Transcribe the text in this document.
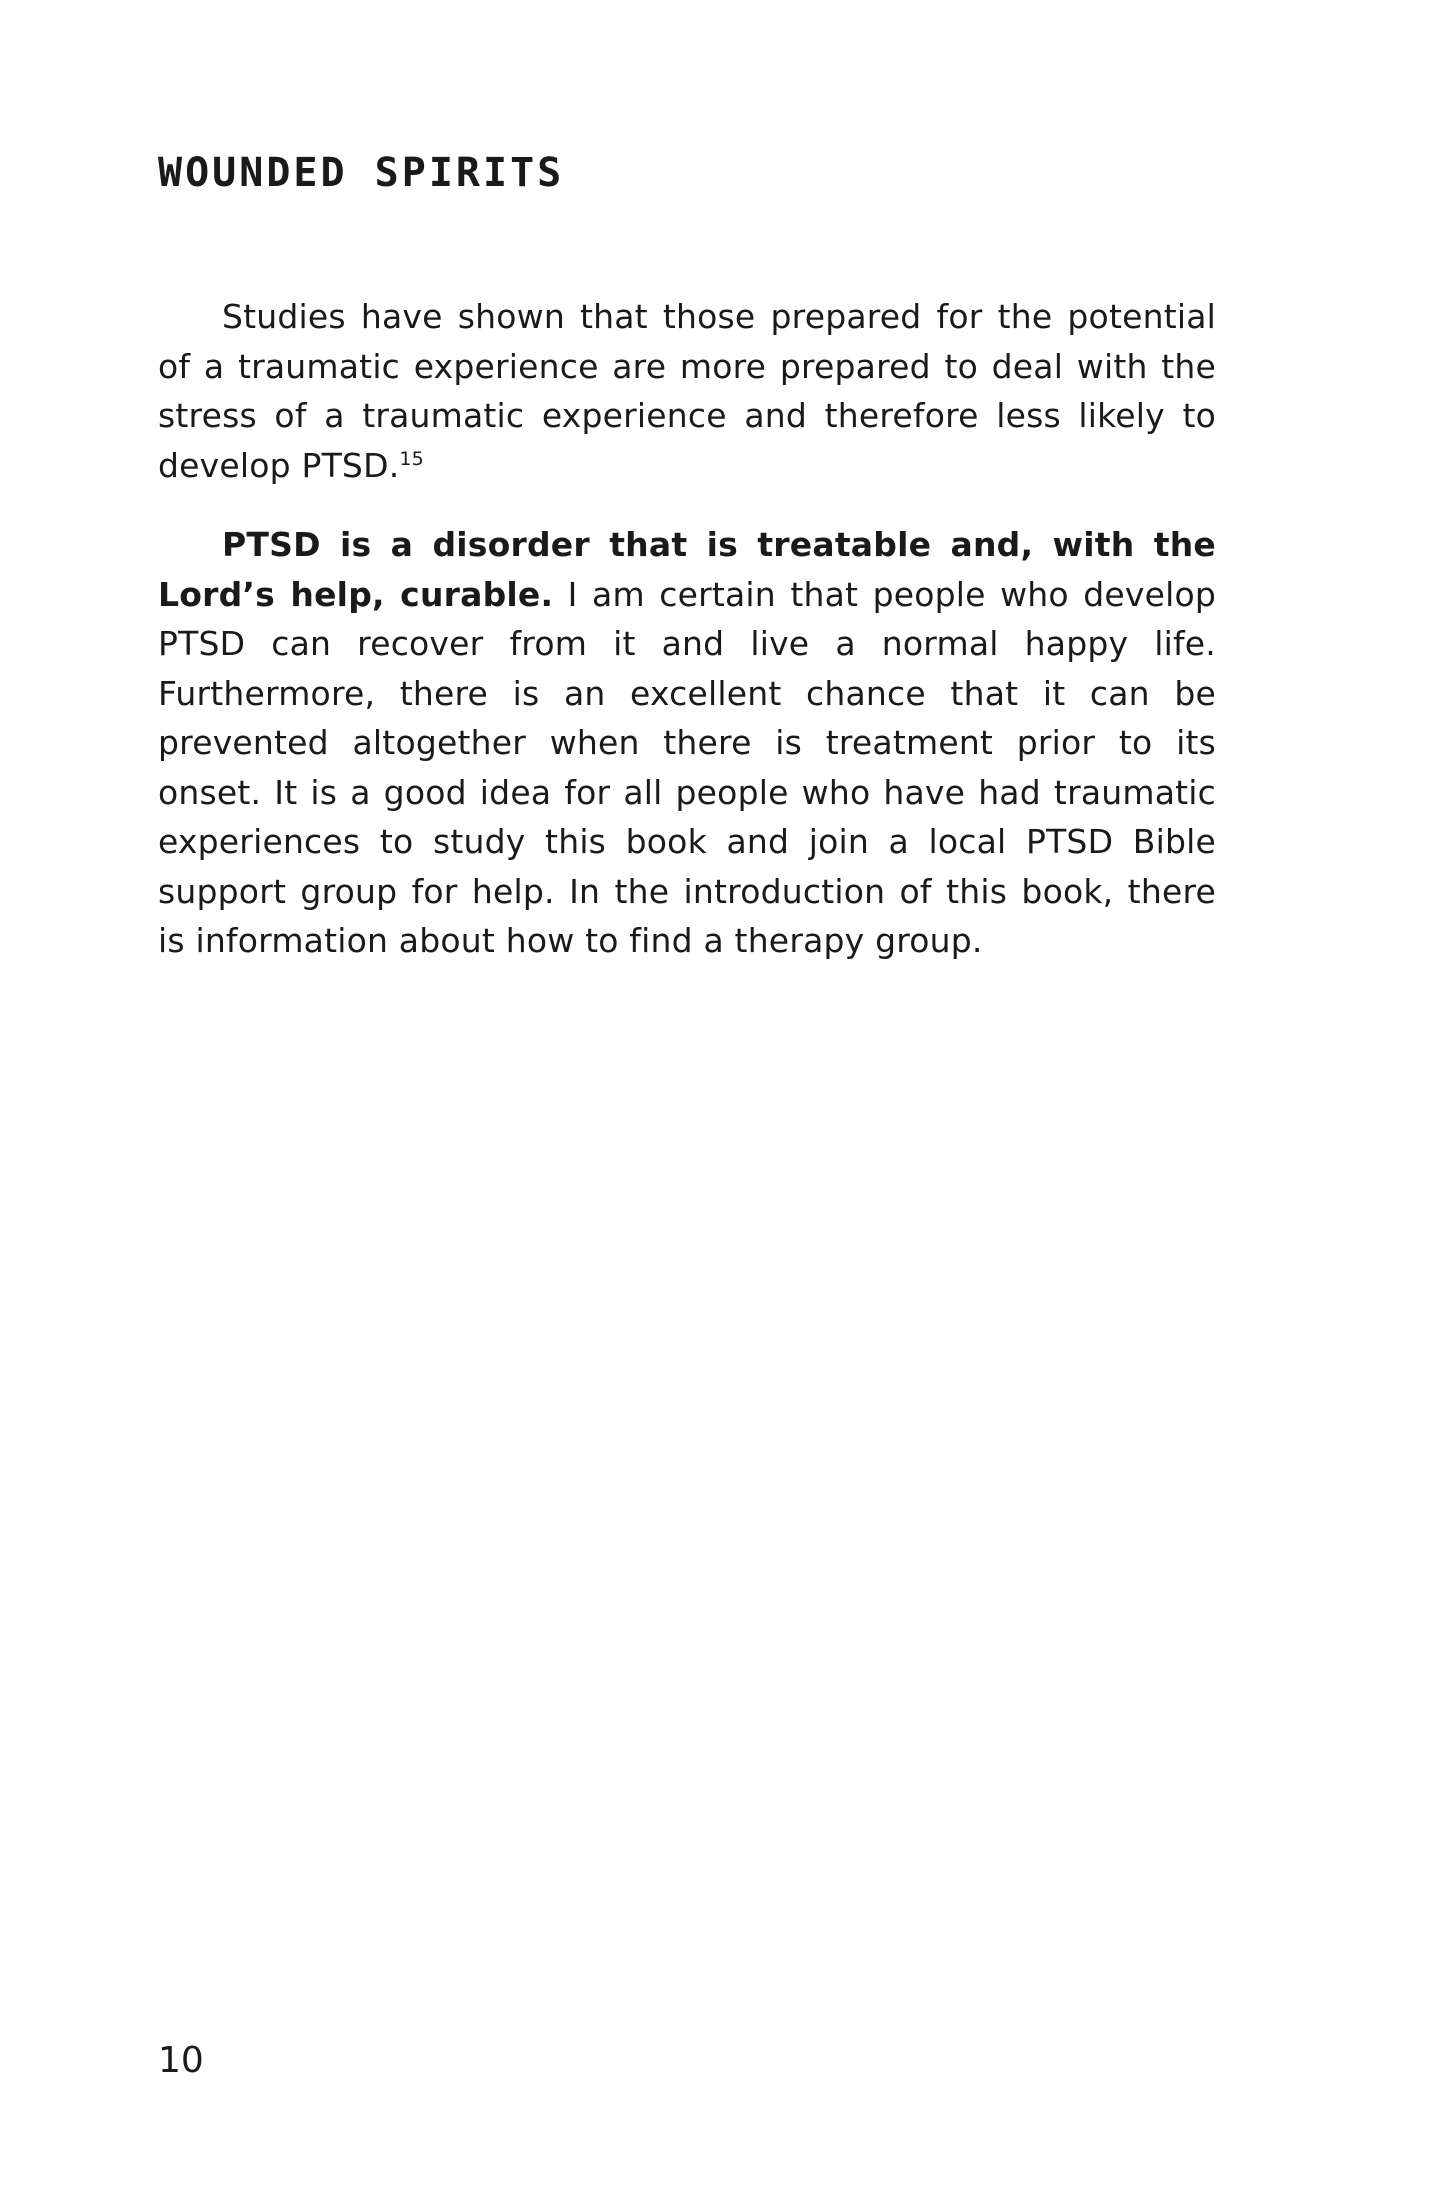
WOUNDED SPIRITS

Studies have shown that those prepared for the potential of a traumatic experience are more prepared to deal with the stress of a traumatic experience and therefore less likely to develop PTSD.$^{15}$

PTSD is a disorder that is treatable and, with the Lord’s help, curable. I am certain that people who develop PTSD can recover from it and live a normal happy life. Furthermore, there is an excellent chance that it can be prevented altogether when there is treatment prior to its onset. It is a good idea for all people who have had traumatic experiences to study this book and join a local PTSD Bible support group for help. In the introduction of this book, there is information about how to find a therapy group.

10
